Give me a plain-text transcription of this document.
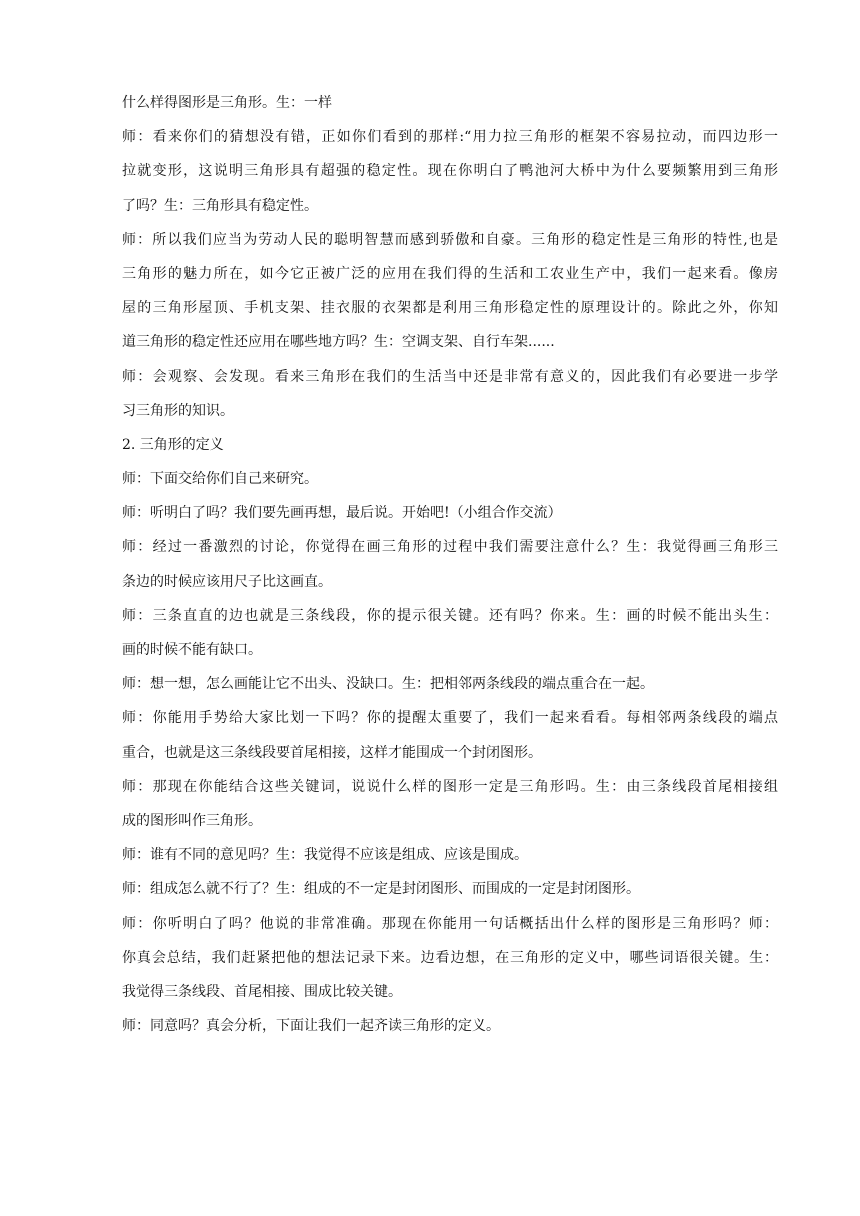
什么样得图形是三角形。生：一样
师：看来你们的猜想没有错，正如你们看到的那样:“用力拉三角形的框架不容易拉动，而四边形一
拉就变形，这说明三角形具有超强的稳定性。现在你明白了鸭池河大桥中为什么要频繁用到三角形
了吗？生：三角形具有稳定性。
师：所以我们应当为劳动人民的聪明智慧而感到骄傲和自豪。三角形的稳定性是三角形的特性,也是
三角形的魅力所在，如今它正被广泛的应用在我们得的生活和工农业生产中，我们一起来看。像房
屋的三角形屋顶、手机支架、挂衣服的衣架都是利用三角形稳定性的原理设计的。除此之外，你知
道三角形的稳定性还应用在哪些地方吗？生：空调支架、自行车架......
师：会观察、会发现。看来三角形在我们的生活当中还是非常有意义的，因此我们有必要进一步学
习三角形的知识。
2. 三角形的定义
师：下面交给你们自己来研究。
师：听明白了吗？我们要先画再想，最后说。开始吧!（小组合作交流）
师：经过一番激烈的讨论，你觉得在画三角形的过程中我们需要注意什么？生：我觉得画三角形三
条边的时候应该用尺子比这画直。
师：三条直直的边也就是三条线段，你的提示很关键。还有吗？你来。生：画的时候不能出头生：
画的时候不能有缺口。
师：想一想，怎么画能让它不出头、没缺口。生：把相邻两条线段的端点重合在一起。
师：你能用手势给大家比划一下吗？你的提醒太重要了，我们一起来看看。每相邻两条线段的端点
重合，也就是这三条线段要首尾相接，这样才能围成一个封闭图形。
师：那现在你能结合这些关键词，说说什么样的图形一定是三角形吗。生：由三条线段首尾相接组
成的图形叫作三角形。
师：谁有不同的意见吗？生：我觉得不应该是组成、应该是围成。
师：组成怎么就不行了？生：组成的不一定是封闭图形、而围成的一定是封闭图形。
师：你听明白了吗？他说的非常准确。那现在你能用一句话概括出什么样的图形是三角形吗？师：
你真会总结，我们赶紧把他的想法记录下来。边看边想，在三角形的定义中，哪些词语很关键。生：
我觉得三条线段、首尾相接、围成比较关键。
师：同意吗？真会分析，下面让我们一起齐读三角形的定义。
